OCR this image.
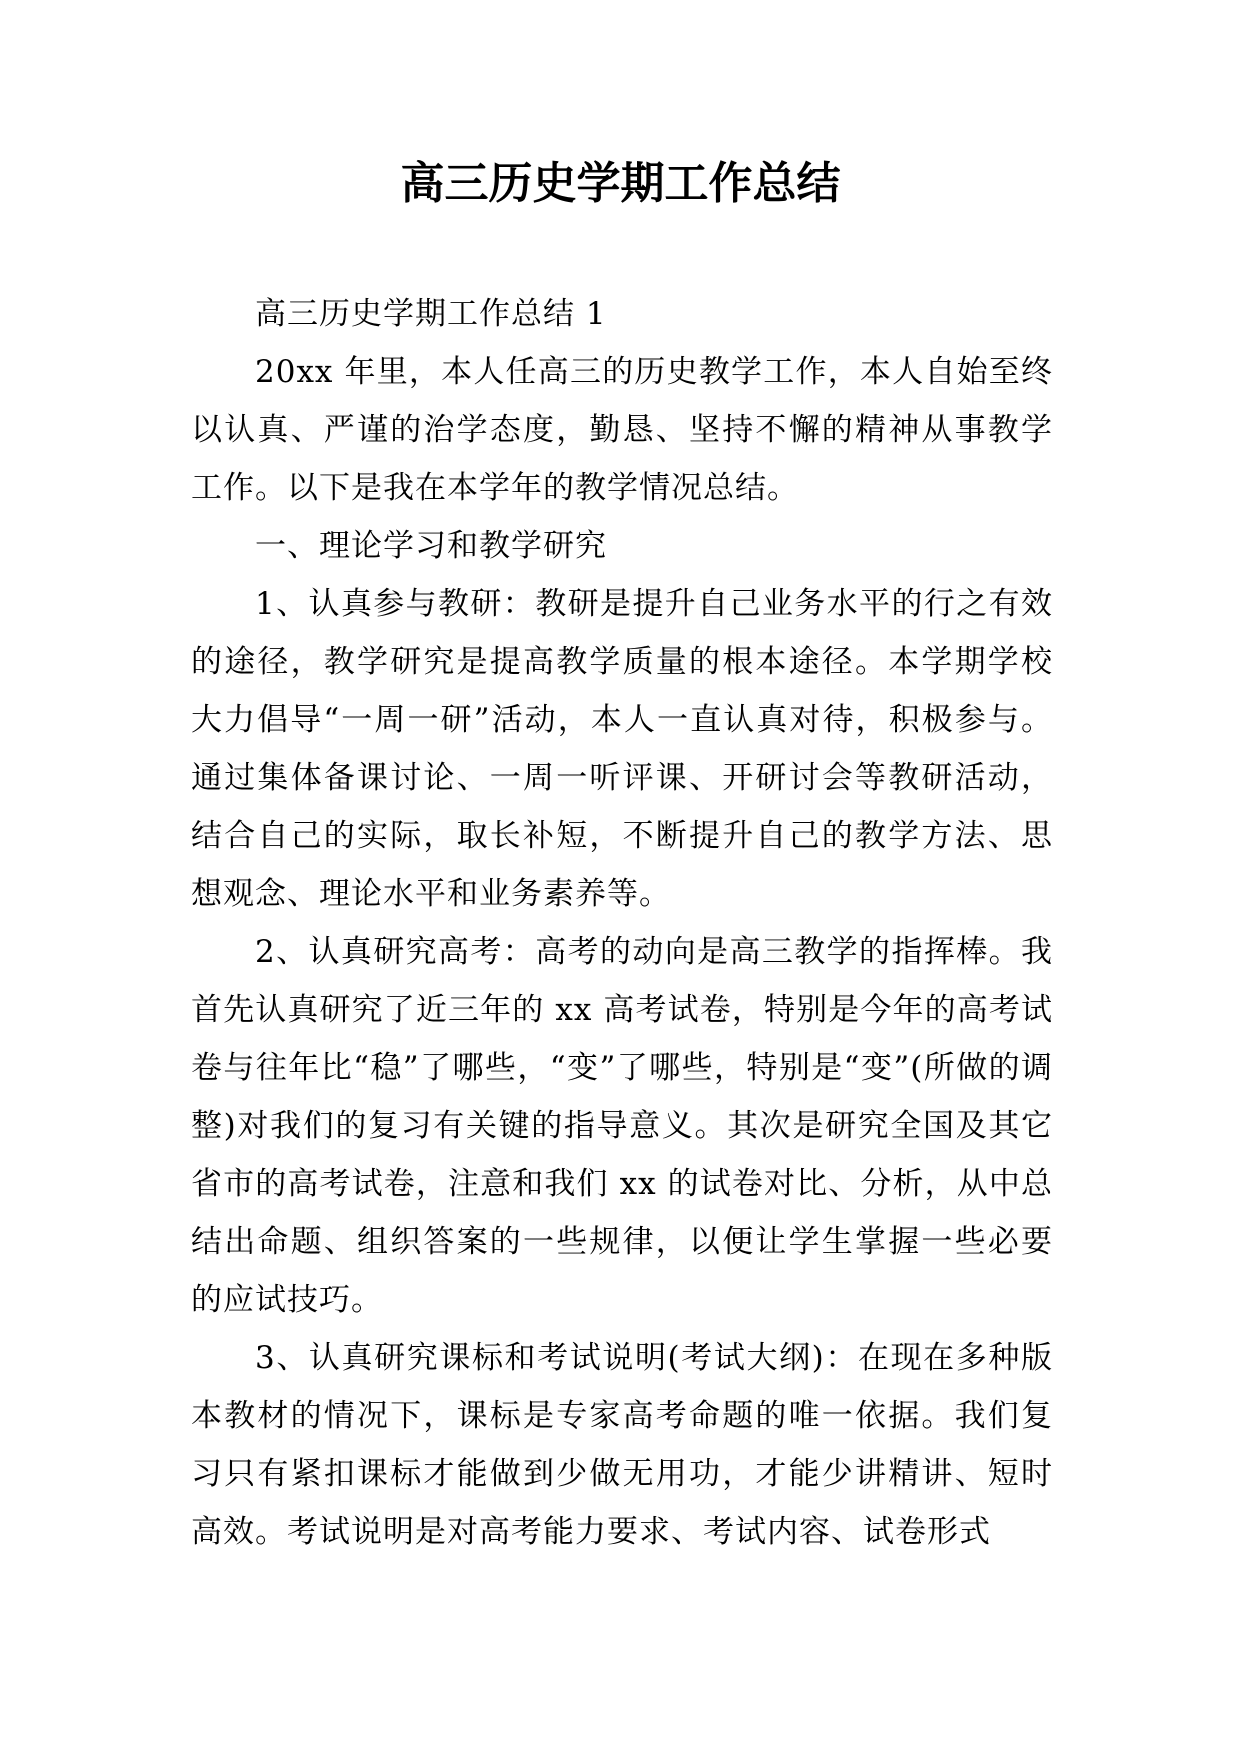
高三历史学期工作总结

高三历史学期工作总结 1

20xx 年里，本人任高三的历史教学工作，本人自始至终以认真、严谨的治学态度，勤恳、坚持不懈的精神从事教学工作。以下是我在本学年的教学情况总结。

一、理论学习和教学研究

1、认真参与教研：教研是提升自己业务水平的行之有效的途径，教学研究是提高教学质量的根本途径。本学期学校大力倡导“一周一研”活动，本人一直认真对待，积极参与。通过集体备课讨论、一周一听评课、开研讨会等教研活动，结合自己的实际，取长补短，不断提升自己的教学方法、思想观念、理论水平和业务素养等。

2、认真研究高考：高考的动向是高三教学的指挥棒。我首先认真研究了近三年的 xx 高考试卷，特别是今年的高考试卷与往年比“稳”了哪些，“变”了哪些，特别是“变”(所做的调整)对我们的复习有关键的指导意义。其次是研究全国及其它省市的高考试卷，注意和我们 xx 的试卷对比、分析，从中总结出命题、组织答案的一些规律，以便让学生掌握一些必要的应试技巧。

3、认真研究课标和考试说明(考试大纲)：在现在多种版本教材的情况下，课标是专家高考命题的唯一依据。我们复习只有紧扣课标才能做到少做无用功，才能少讲精讲、短时高效。考试说明是对高考能力要求、考试内容、试卷形式
